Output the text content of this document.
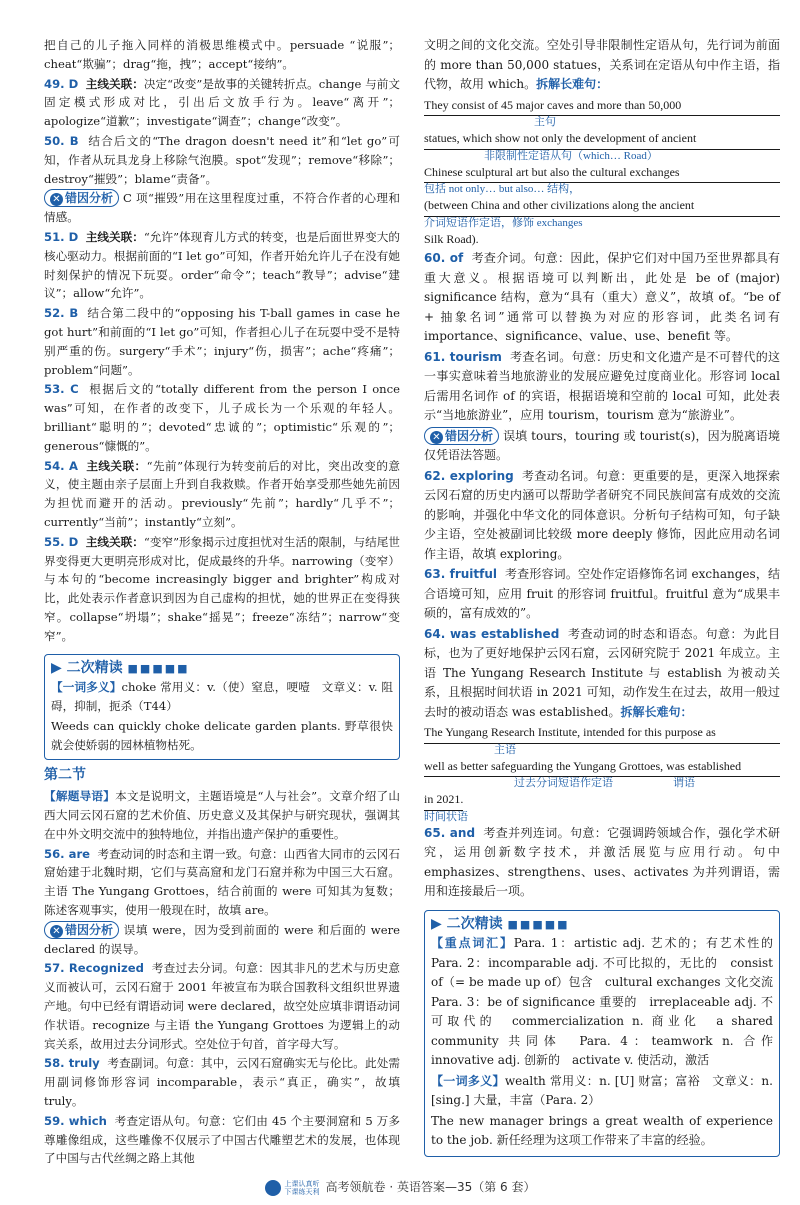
把自己的儿子拖入同样的消极思维模式中。persuade “说服”；cheat“欺骗”；drag“拖，拽”；accept“接纳”。

49. D 主线关联：决定“改变”是故事的关键转折点。change 与前文固定模式形成对比，引出后文放手行为。leave“离开”；apologize“道歉”；investigate“调查”；change“改变”。

50. B 结合后文的“The dragon doesn't need it”和“let go”可知，作者从玩具龙身上移除气泡膜。spot“发现”；remove“移除”；destroy“摧毁”；blame“责备”。

✕ 错因分析 C 项“摧毁”用在这里程度过重，不符合作者的心理和情感。

51. D 主线关联：“允许”体现育儿方式的转变，也是后面世界变大的核心驱动力。根据前面的“I let go”可知，作者开始允许儿子在没有她时刻保护的情况下玩耍。order“命令”；teach“教导”；advise“建议”；allow“允许”。

52. B 结合第二段中的“opposing his T-ball games in case he got hurt”和前面的“I let go”可知，作者担心儿子在玩耍中受不是特别严重的伤。surgery“手术”；injury“伤，损害”；ache“疼痛”；problem“问题”。

53. C 根据后文的“totally different from the person I once was”可知，在作者的改变下，儿子成长为一个乐观的年轻人。brilliant“聪明的”；devoted“忠诚的”；optimistic“乐观的”；generous“慷慨的”。

54. A 主线关联：“先前”体现行为转变前后的对比，突出改变的意义，使主题由亲子层面上升到自我救赎。作者开始享受那些她先前因为担忧而避开的活动。previously“先前”；hardly“几乎不”；currently“当前”；instantly“立刻”。

55. D 主线关联：“变窄”形象揭示过度担忧对生活的限制，与结尾世界变得更大更明亮形成对比，促成最终的升华。narrowing（变窄）与本句的“become increasingly bigger and brighter”构成对比，此处表示作者意识到因为自己虚构的担忧，她的世界正在变得狭窄。collapse“坍塌”；shake“摇晃”；freeze“冻结”；narrow“变窄”。

▶ 二次精读 ■■■■■

【一词多义】choke 常用义：v.（使）窒息，哽噎　文章义：v. 阻碍，抑制，扼杀（T44）

Weeds can quickly choke delicate garden plants. 野草很快就会使娇弱的园林植物枯死。

第二节

【解题导语】本文是说明文，主题语境是“人与社会”。文章介绍了山西大同云冈石窟的艺术价值、历史意义及其保护与研究现状，强调其在中外文明交流中的独特地位，并指出遗产保护的重要性。

56. are 考查动词的时态和主谓一致。句意：山西省大同市的云冈石窟始建于北魏时期，它们与莫高窟和龙门石窟并称为中国三大石窟。主语 The Yungang Grottoes，结合前面的 were 可知其为复数；陈述客观事实，使用一般现在时，故填 are。

✕ 错因分析 误填 were，因为受到前面的 were 和后面的 were declared 的误导。

57. Recognized 考查过去分词。句意：因其非凡的艺术与历史意义而被认可，云冈石窟于 2001 年被宣布为联合国教科文组织世界遗产地。句中已经有谓语动词 were declared，故空处应填非谓语动词作状语。recognize 与主语 the Yungang Grottoes 为逻辑上的动宾关系，故用过去分词形式。空处位于句首，首字母大写。

58. truly 考查副词。句意：其中，云冈石窟确实无与伦比。此处需用副词修饰形容词 incomparable，表示“真正，确实”，故填 truly。

59. which 考查定语从句。句意：它们由 45 个主要洞窟和 5 万多尊雕像组成，这些雕像不仅展示了中国古代雕塑艺术的发展，也体现了中国与古代丝绸之路上其他

文明之间的文化交流。空处引导非限制性定语从句，先行词为前面的 more than 50,000 statues，关系词在定语从句中作主语，指代物，故用 which。拆解长难句：

They consist of 45 major caves and more than 50,000
主句
statues, which show not only the development of ancient
非限制性定语从句（which… Road）
Chinese sculptural art but also the cultural exchanges
包括 not only… but also… 结构，
(between China and other civilizations along the ancient
介词短语作定语，修饰 exchanges
Silk Road).

60. of 考查介词。句意：因此，保护它们对中国乃至世界都具有重大意义。根据语境可以判断出，此处是 be of (major) significance 结构，意为“具有（重大）意义”，故填 of。“be of + 抽象名词”通常可以替换为对应的形容词，此类名词有 importance、significance、value、use、benefit 等。

61. tourism 考查名词。句意：历史和文化遗产是不可替代的这一事实意味着当地旅游业的发展应避免过度商业化。形容词 local 后需用名词作 of 的宾语，根据语境和空前的 local 可知，此处表示“当地旅游业”，应用 tourism，tourism 意为“旅游业”。

✕ 错因分析 误填 tours，touring 或 tourist(s)，因为脱离语境仅凭语法答题。

62. exploring 考查动名词。句意：更重要的是，更深入地探索云冈石窟的历史内涵可以帮助学者研究不同民族间富有成效的交流的影响，并强化中华文化的同体意识。分析句子结构可知，句子缺少主语，空处被副词比较级 more deeply 修饰，因此应用动名词作主语，故填 exploring。

63. fruitful 考查形容词。空处作定语修饰名词 exchanges，结合语境可知，应用 fruit 的形容词 fruitful。fruitful 意为“成果丰硕的，富有成效的”。

64. was established 考查动词的时态和语态。句意：为此目标，也为了更好地保护云冈石窟，云冈研究院于 2021 年成立。主语 The Yungang Research Institute 与 establish 为被动关系，且根据时间状语 in 2021 可知，动作发生在过去，故用一般过去时的被动语态 was established。拆解长难句：

The Yungang Research Institute, intended for this purpose as
主语
well as better safeguarding the Yungang Grottoes, was established
过去分词短语作定语	谓语
in 2021.
时间状语

65. and 考查并列连词。句意：它强调跨领域合作，强化学术研究，运用创新数字技术，并激活展览与应用行动。句中 emphasizes、strengthens、uses、activates 为并列谓语，需用和连接最后一项。

▶ 二次精读 ■■■■■

【重点词汇】Para. 1：artistic adj. 艺术的；有艺术性的　Para. 2：incomparable adj. 不可比拟的，无比的　consist of（= be made up of）包含　cultural exchanges 文化交流　Para. 3：be of significance 重要的　irreplaceable adj. 不可取代的　commercialization n. 商业化　a shared community 共同体　Para. 4：teamwork n. 合作　innovative adj. 创新的　activate v. 使活动，激活

【一词多义】wealth 常用义：n. [U] 财富；富裕　文章义：n. [sing.] 大量，丰富（Para. 2）

The new manager brings a great wealth of experience to the job. 新任经理为这项工作带来了丰富的经验。

上课认真听
下课练天利 高考领航卷 · 英语答案—35（第 6 套）
